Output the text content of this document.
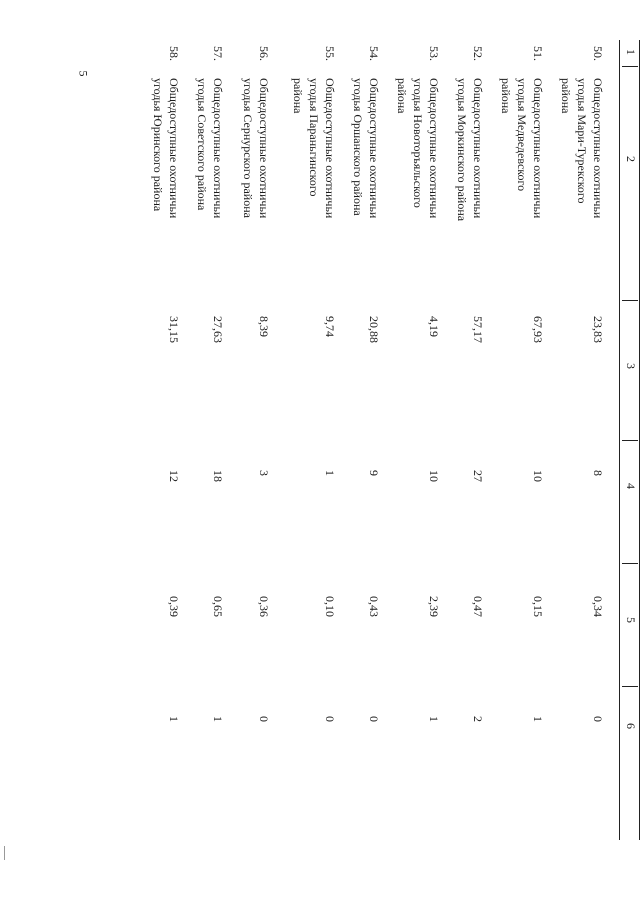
5
1
2
3
4
5
6
50.
Общедоступные охотничьи
угодья Мари-Турекского
района
23,83
8
0,34
0
51.
Общедоступные охотничьи
угодья Медведевского
района
67,93
10
0,15
1
52.
Общедоступные охотничьи
угодья Моркинского района
57,17
27
0,47
2
53.
Общедоступные охотничьи
угодья Новоторъяльского
района
4,19
10
2,39
1
54.
Общедоступные охотничьи
угодья Оршанского района
20,88
9
0,43
0
55.
Общедоступные охотничьи
угодья Параньгинского
района
9,74
1
0,10
0
56.
Общедоступные охотничьи
угодья Сернурского района
8,39
3
0,36
0
57.
Общедоступные охотничьи
угодья Советского района
27,63
18
0,65
1
58.
Общедоступные охотничьи
угодья Юринского района
31,15
12
0,39
1
